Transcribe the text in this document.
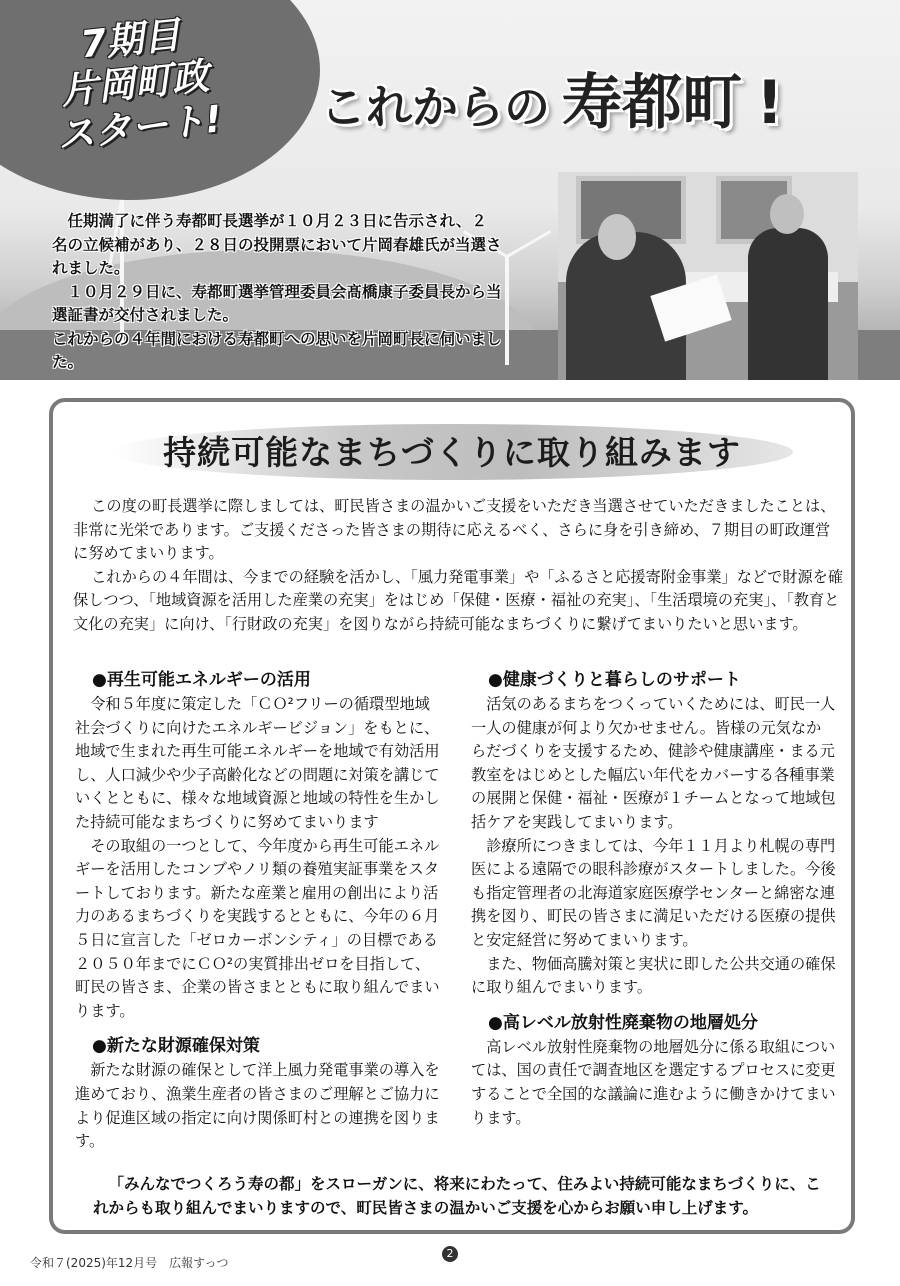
7期目
片岡町政
スタート!	これからの 寿都町 !

任期満了に伴う寿都町長選挙が１０月２３日に告示され、２名の立候補があり、２８日の投開票において片岡春雄氏が当選されました。

１０月２９日に、寿都町選挙管理委員会髙橋康子委員長から当選証書が交付されました。

これからの４年間における寿都町への思いを片岡町長に伺いました。

持続可能なまちづくりに取り組みます

この度の町長選挙に際しましては、町民皆さまの温かいご支援をいただき当選させていただきましたことは、非常に光栄であります。ご支援くださった皆さまの期待に応えるべく、さらに身を引き締め、７期目の町政運営に努めてまいります。

これからの４年間は、今までの経験を活かし、「風力発電事業」や「ふるさと応援寄附金事業」などで財源を確保しつつ、「地域資源を活用した産業の充実」をはじめ「保健・医療・福祉の充実」、「生活環境の充実」、「教育と文化の充実」に向け、「行財政の充実」を図りながら持続可能なまちづくりに繋げてまいりたいと思います。

●再生可能エネルギーの活用

令和５年度に策定した「ＣＯ²フリーの循環型地域社会づくりに向けたエネルギービジョン」をもとに、地域で生まれた再生可能エネルギーを地域で有効活用し、人口減少や少子高齢化などの問題に対策を講じていくとともに、様々な地域資源と地域の特性を生かした持続可能なまちづくりに努めてまいります

その取組の一つとして、今年度から再生可能エネルギーを活用したコンブやノリ類の養殖実証事業をスタートしております。新たな産業と雇用の創出により活力のあるまちづくりを実践するとともに、今年の６月５日に宣言した「ゼロカーボンシティ」の目標である２０５０年までにＣＯ²の実質排出ゼロを目指して、町民の皆さま、企業の皆さまとともに取り組んでまいります。

●新たな財源確保対策

新たな財源の確保として洋上風力発電事業の導入を進めており、漁業生産者の皆さまのご理解とご協力により促進区域の指定に向け関係町村との連携を図ります。

●健康づくりと暮らしのサポート

活気のあるまちをつくっていくためには、町民一人一人の健康が何より欠かせません。皆様の元気なからだづくりを支援するため、健診や健康講座・まる元教室をはじめとした幅広い年代をカバーする各種事業の展開と保健・福祉・医療が１チームとなって地域包括ケアを実践してまいります。

診療所につきましては、今年１１月より札幌の専門医による遠隔での眼科診療がスタートしました。今後も指定管理者の北海道家庭医療学センターと綿密な連携を図り、町民の皆さまに満足いただける医療の提供と安定経営に努めてまいります。

また、物価高騰対策と実状に即した公共交通の確保に取り組んでまいります。

●高レベル放射性廃棄物の地層処分

高レベル放射性廃棄物の地層処分に係る取組については、国の責任で調査地区を選定するプロセスに変更することで全国的な議論に進むように働きかけてまいります。

「みんなでつくろう寿の都」をスローガンに、将来にわたって、住みよい持続可能なまちづくりに、これからも取り組んでまいりますので、町民皆さまの温かいご支援を心からお願い申し上げます。
令和７(2025)年12月号　広報すっつ
2
